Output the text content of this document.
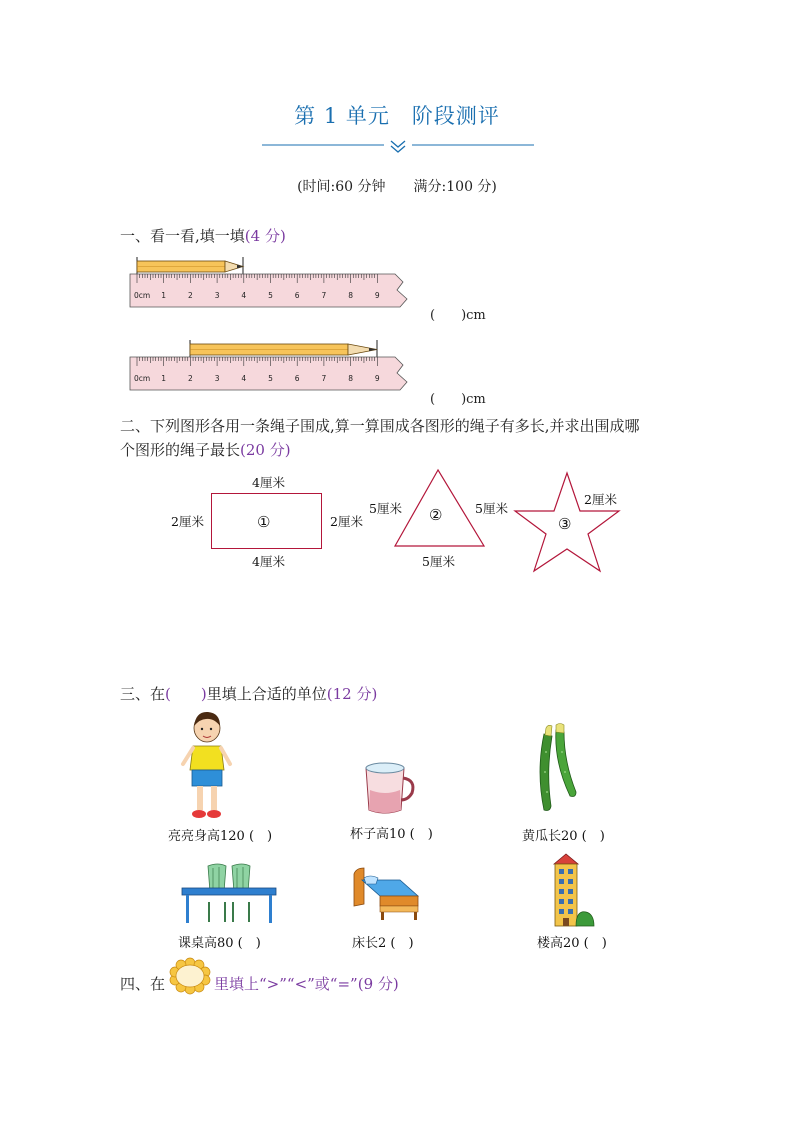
第 1 单元　阶段测评
(时间:60 分钟　　满分:100 分)
一、看一看,填一填(4 分)
0cm 1	2	3	4	5	6	7	8	9
(　　)cm
0cm 1	2	3	4	5	6	7	8	9
(　　)cm
二、下列图形各用一条绳子围成,算一算围成各图形的绳子有多长,并求出围成哪
个图形的绳子最长(20 分)
①
4厘米
4厘米
2厘米	2厘米	②
5厘米	5厘米
5厘米
③
2厘米
三、在(　　)里填上合适的单位(12 分)
亮亮身高120 (　)	杯子高10 (　)	黄瓜长20 (　)
课桌高80 (　)	床长2 (　)	楼高20 (　)
四、在	里填上“>”“<”或“=”(9 分)
